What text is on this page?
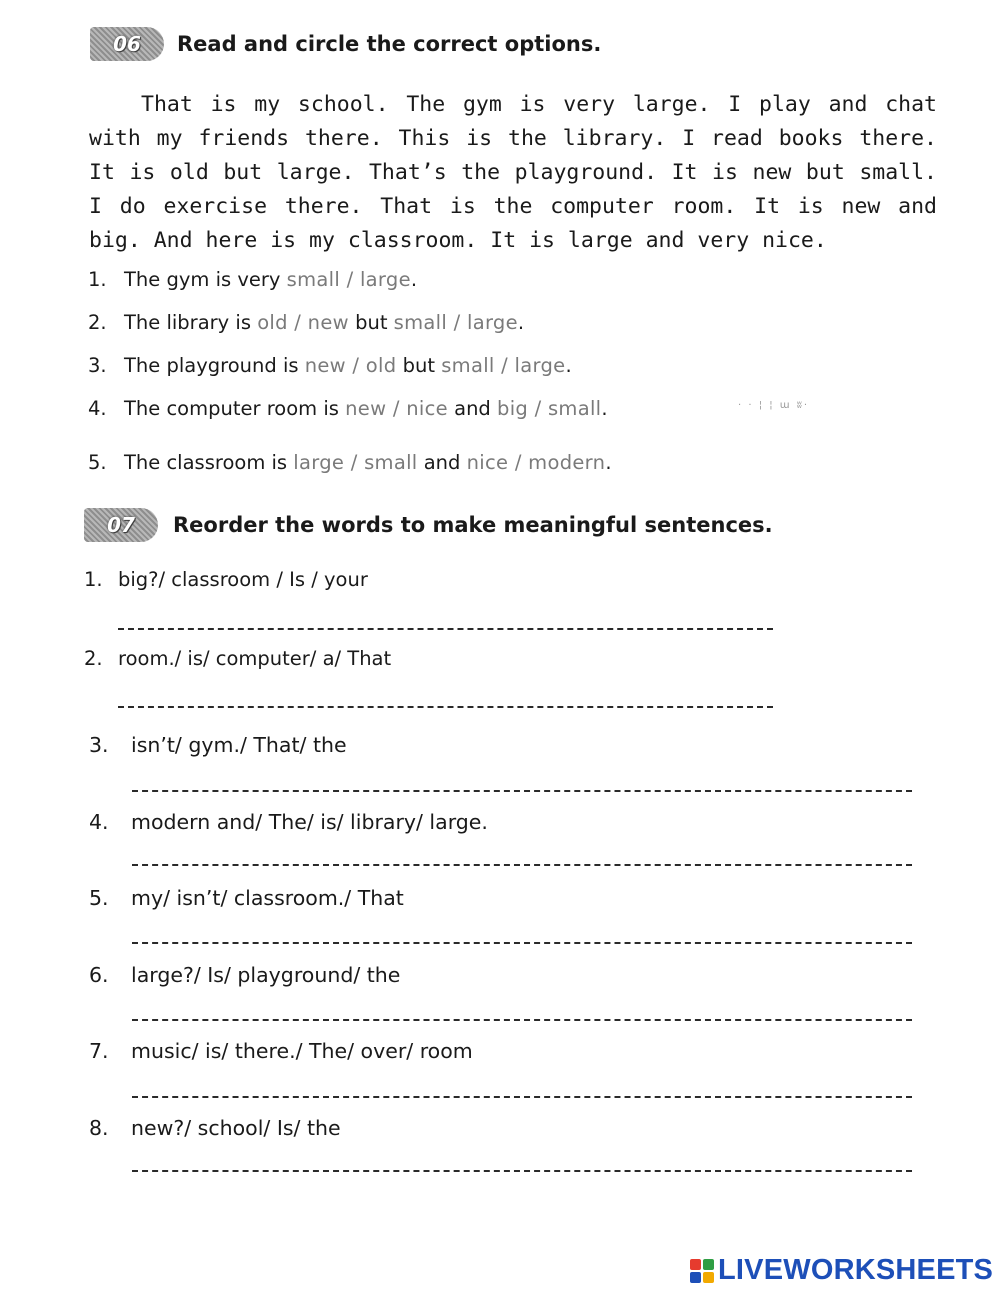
06	Read and circle the correct options.
That is my school. The gym is very large. I play and chat with my friends there. This is the library. I read books there. It is old but large. That’s the playground. It is new but small. I do exercise there. That is the computer room. It is new and big. And here is my classroom. It is large and very nice.
1. The gym is very small / large.
2. The library is old / new but small / large.
3. The playground is new / old but small / large.
4. The computer room is new / nice and big / small.
5. The classroom is large / small and nice / modern.
· · ¦ ¦ ɯ ʬ·
07	Reorder the words to make meaningful sentences.
1. big?/ classroom / Is / your
2. room./ is/ computer/ a/ That
3. isn’t/ gym./ That/ the
4. modern and/ The/ is/ library/ large.
5. my/ isn’t/ classroom./ That
6. large?/ Is/ playground/ the
7. music/ is/ there./ The/ over/ room
8. new?/ school/ Is/ the
LIVEWORKSHEETS
